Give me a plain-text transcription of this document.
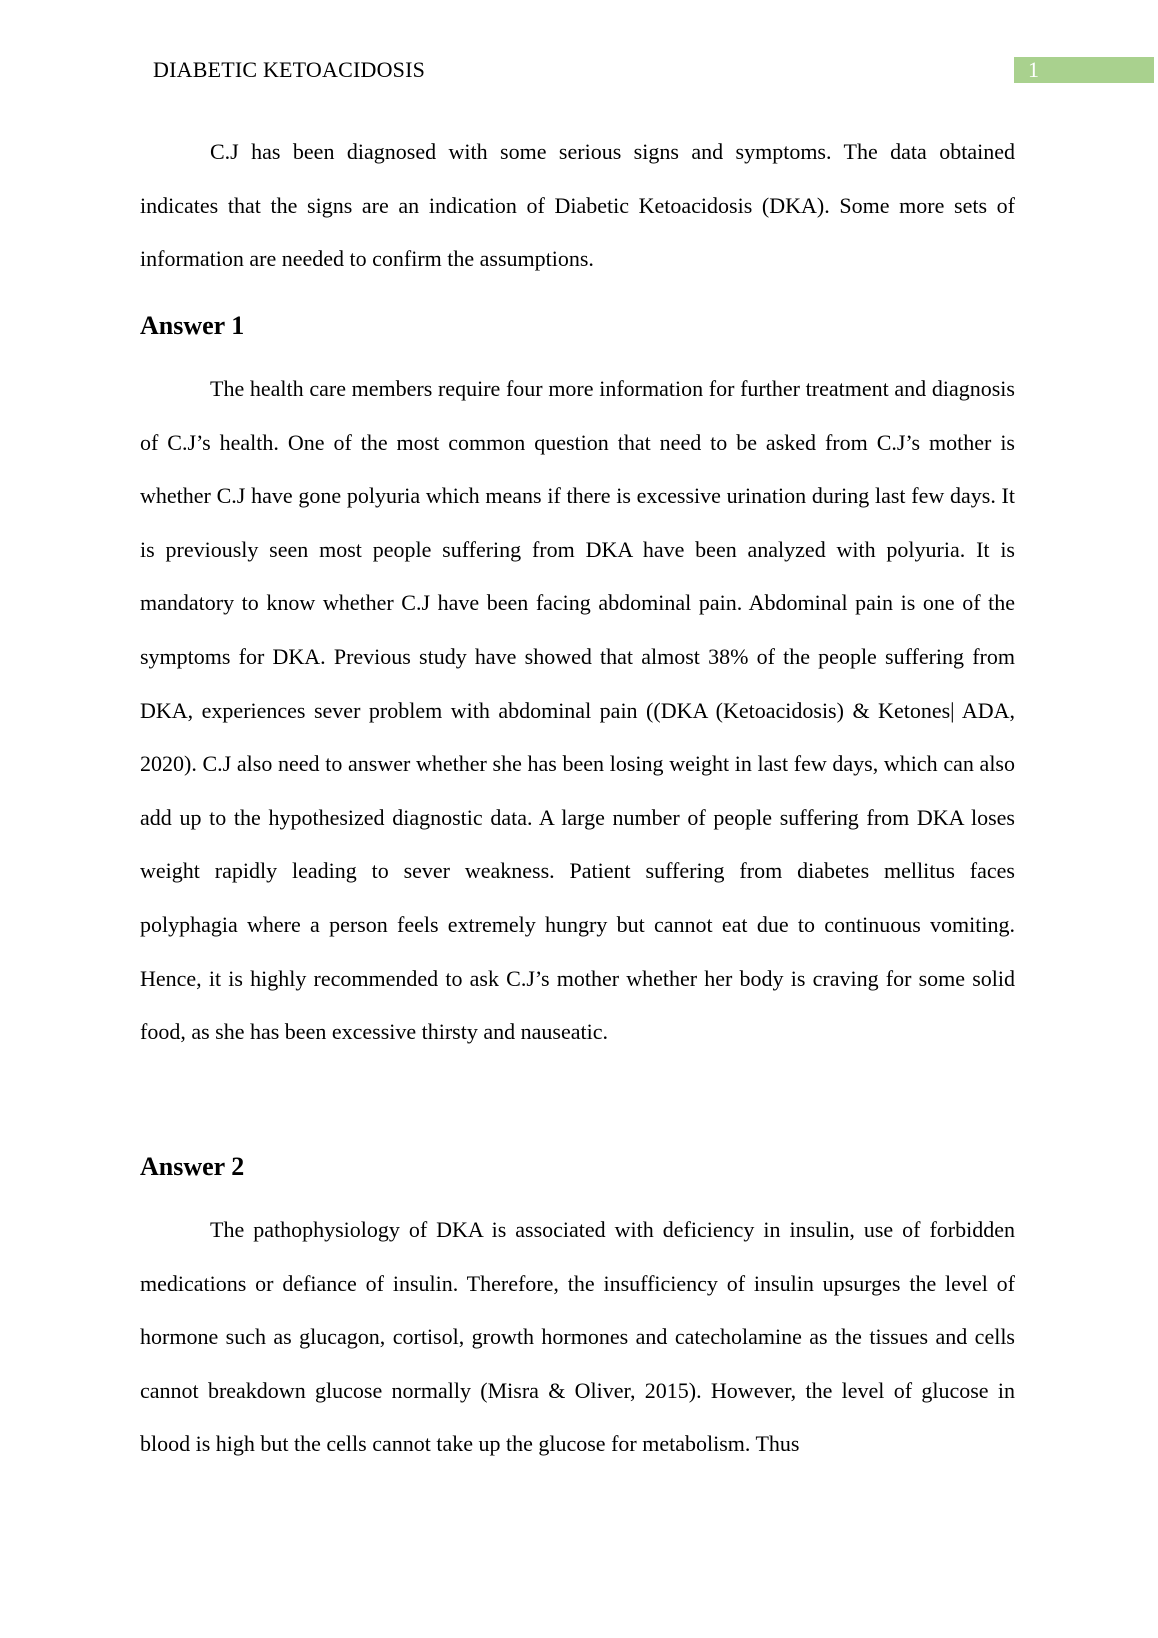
DIABETIC KETOACIDOSIS	1

C.J has been diagnosed with some serious signs and symptoms. The data obtained indicates that the signs are an indication of Diabetic Ketoacidosis (DKA). Some more sets of information are needed to confirm the assumptions.

Answer 1

The health care members require four more information for further treatment and diagnosis of C.J’s health. One of the most common question that need to be asked from C.J’s mother is whether C.J have gone polyuria which means if there is excessive urination during last few days. It is previously seen most people suffering from DKA have been analyzed with polyuria. It is mandatory to know whether C.J have been facing abdominal pain. Abdominal pain is one of the symptoms for DKA. Previous study have showed that almost 38% of the people suffering from DKA, experiences sever problem with abdominal pain ((DKA (Ketoacidosis) & Ketones| ADA, 2020). C.J also need to answer whether she has been losing weight in last few days, which can also add up to the hypothesized diagnostic data. A large number of people suffering from DKA loses weight rapidly leading to sever weakness. Patient suffering from diabetes mellitus faces polyphagia where a person feels extremely hungry but cannot eat due to continuous vomiting. Hence, it is highly recommended to ask C.J’s mother whether her body is craving for some solid food, as she has been excessive thirsty and nauseatic.

Answer 2

The pathophysiology of DKA is associated with deficiency in insulin, use of forbidden medications or defiance of insulin. Therefore, the insufficiency of insulin upsurges the level of hormone such as glucagon, cortisol, growth hormones and catecholamine as the tissues and cells cannot breakdown glucose normally (Misra & Oliver, 2015). However, the level of glucose in blood is high but the cells cannot take up the glucose for metabolism. Thus
